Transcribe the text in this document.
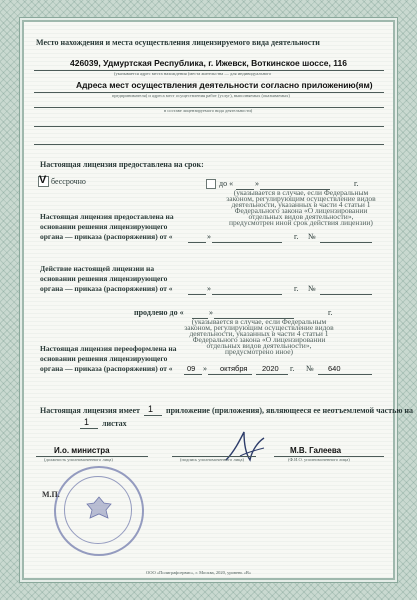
Место нахождения и места осуществления лицензируемого вида деятельности
426039, Удмуртская Республика, г. Ижевск, Воткинское шоссе, 116
(указывается адрес места нахождения (места жительства — для индивидуального
Адреса мест осуществления деятельности согласно приложению(ям)
предпринимателя) и адреса мест осуществления работ (услуг), выполняемых (оказываемых)
в составе лицензируемого вида деятельности)
Настоящая лицензия предоставлена на срок:
V бессрочно	до «	»	г.
(указывается в случае, если Федеральным законом, регулирующим осуществление видов деятельности, указанных в части 4 статьи 1 Федерального закона «О лицензировании отдельных видов деятельности», предусмотрен иной срок действия лицензии)
Настоящая лицензия предоставлена на основании решения лицензирующего органа — приказа (распоряжения) от «	»	г. №
Действие настоящей лицензии на основании решения лицензирующего органа — приказа (распоряжения) от «	»	г. №
продлено до «	»	г.
(указывается в случае, если Федеральным законом, регулирующим осуществление видов деятельности, указанных в части 4 статьи 1 Федерального закона «О лицензировании отдельных видов деятельности», предусмотрено иное)
Настоящая лицензия переоформлена на основании решения лицензирующего органа — приказа (распоряжения) от «	09 » октября 2020 г. № 640
Настоящая лицензия имеет 1 приложение (приложения), являющееся ее неотъемлемой частью на
1 листах
И.о. министра
(должность уполномоченного лица)	(подпись уполномоченного лица)
М.В. Галеева
(Ф.И.О. уполномоченного лица)
М.П.
ООО «Полиграфсервис», г. Москва, 2020, уровень «В»
